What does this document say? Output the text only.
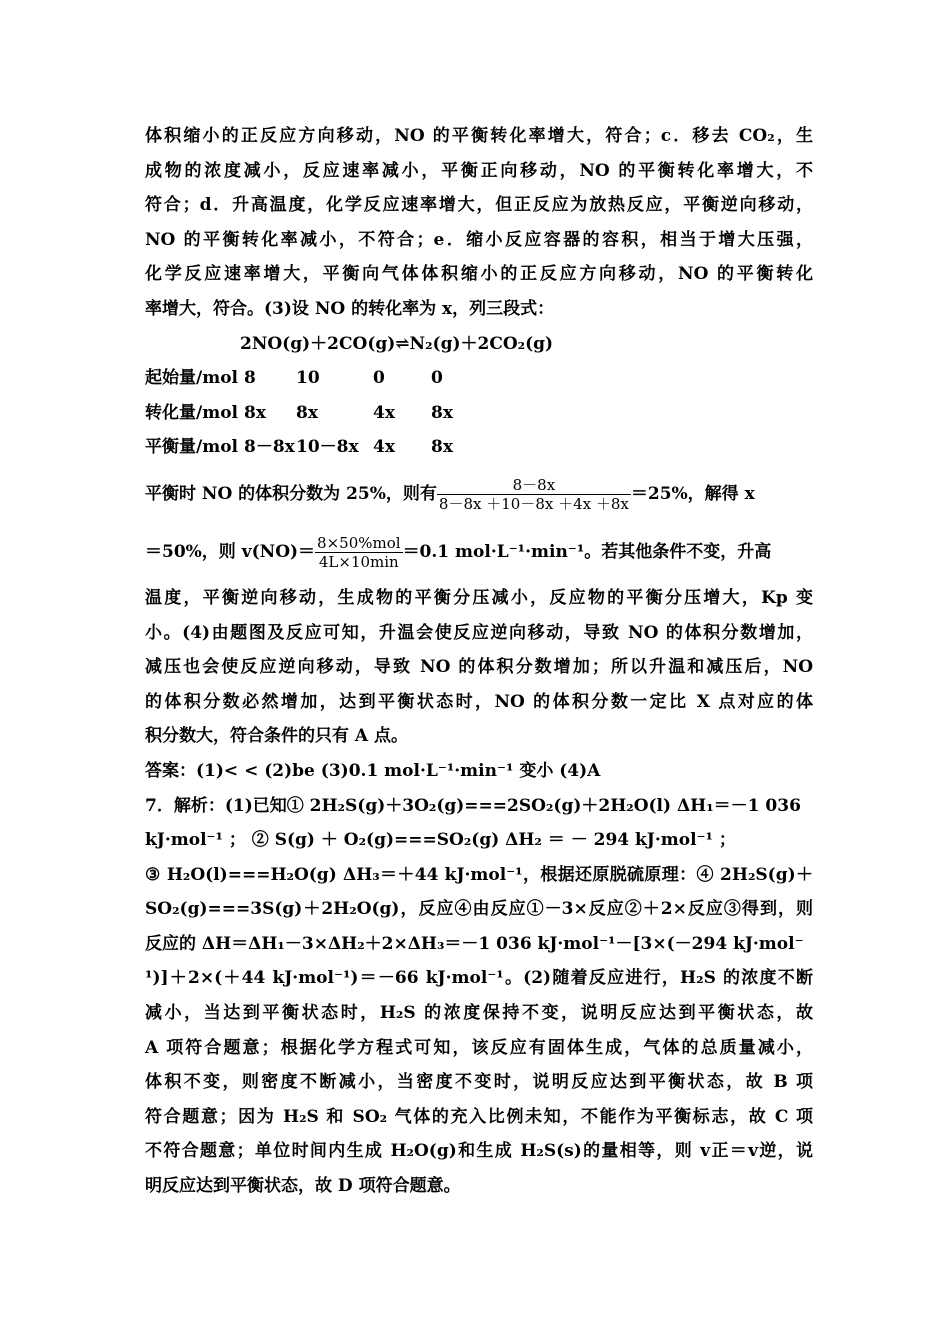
体积缩小的正反应方向移动，NO 的平衡转化率增大，符合；c．移去 CO₂，生
成物的浓度减小，反应速率减小，平衡正向移动，NO 的平衡转化率增大，不
符合；d．升高温度，化学反应速率增大，但正反应为放热反应，平衡逆向移动，
NO 的平衡转化率减小，不符合；e．缩小反应容器的容积，相当于增大压强，
化学反应速率增大，平衡向气体体积缩小的正反应方向移动，NO 的平衡转化
率增大，符合。(3)设 NO 的转化率为 x，列三段式：
2NO(g)＋2CO(g)⇌N₂(g)＋2CO₂(g)
起始量/mol 8	10	0	0
转化量/mol 8x	8x	4x	8x
平衡量/mol 8－8x 10－8x 4x	8x
平衡时 NO 的体积分数为 25%，则有 $\frac{8-8x}{8-8x +10-8x +4x +8x} =25\%$，解得 x
＝50%，则 $v(NO)= \frac{\text{8×50\%mol}}{4L\times 10\min} =0.1$ mol·L⁻¹·min⁻¹。若其他条件不变，升高
温度，平衡逆向移动，生成物的平衡分压减小，反应物的平衡分压增大，Kp 变
小。(4)由题图及反应可知，升温会使反应逆向移动，导致 NO 的体积分数增加，
减压也会使反应逆向移动，导致 NO 的体积分数增加；所以升温和减压后，NO
的体积分数必然增加，达到平衡状态时，NO 的体积分数一定比 X 点对应的体
积分数大，符合条件的只有 A 点。
答案：(1)< < (2)be (3)0.1 mol·L⁻¹·min⁻¹ 变小 (4)A
7．解析：(1)已知① 2H₂S(g)＋3O₂(g)===2SO₂(g)＋2H₂O(l) ΔH₁＝－1 036
kJ·mol⁻¹ ； ② S(g) ＋ O₂(g)===SO₂(g) ΔH₂ ＝ － 294 kJ·mol⁻¹ ；
③ H₂O(l)===H₂O(g) ΔH₃＝＋44 kJ·mol⁻¹，根据还原脱硫原理：④ 2H₂S(g)＋
SO₂(g)===3S(g)＋2H₂O(g)，反应④由反应①－3×反应②＋2×反应③得到，则
反应的 ΔH＝ΔH₁－3×ΔH₂＋2×ΔH₃＝－1 036 kJ·mol⁻¹－[3×(－294 kJ·mol⁻
¹)]＋2×(＋44 kJ·mol⁻¹)＝－66 kJ·mol⁻¹。(2)随着反应进行，H₂S 的浓度不断
减小，当达到平衡状态时，H₂S 的浓度保持不变，说明反应达到平衡状态，故
A 项符合题意；根据化学方程式可知，该反应有固体生成，气体的总质量减小，
体积不变，则密度不断减小，当密度不变时，说明反应达到平衡状态，故 B 项
符合题意；因为 H₂S 和 SO₂ 气体的充入比例未知，不能作为平衡标志，故 C 项
不符合题意；单位时间内生成 H₂O(g)和生成 H₂S(s)的量相等，则 v正＝v逆，说
明反应达到平衡状态，故 D 项符合题意。
